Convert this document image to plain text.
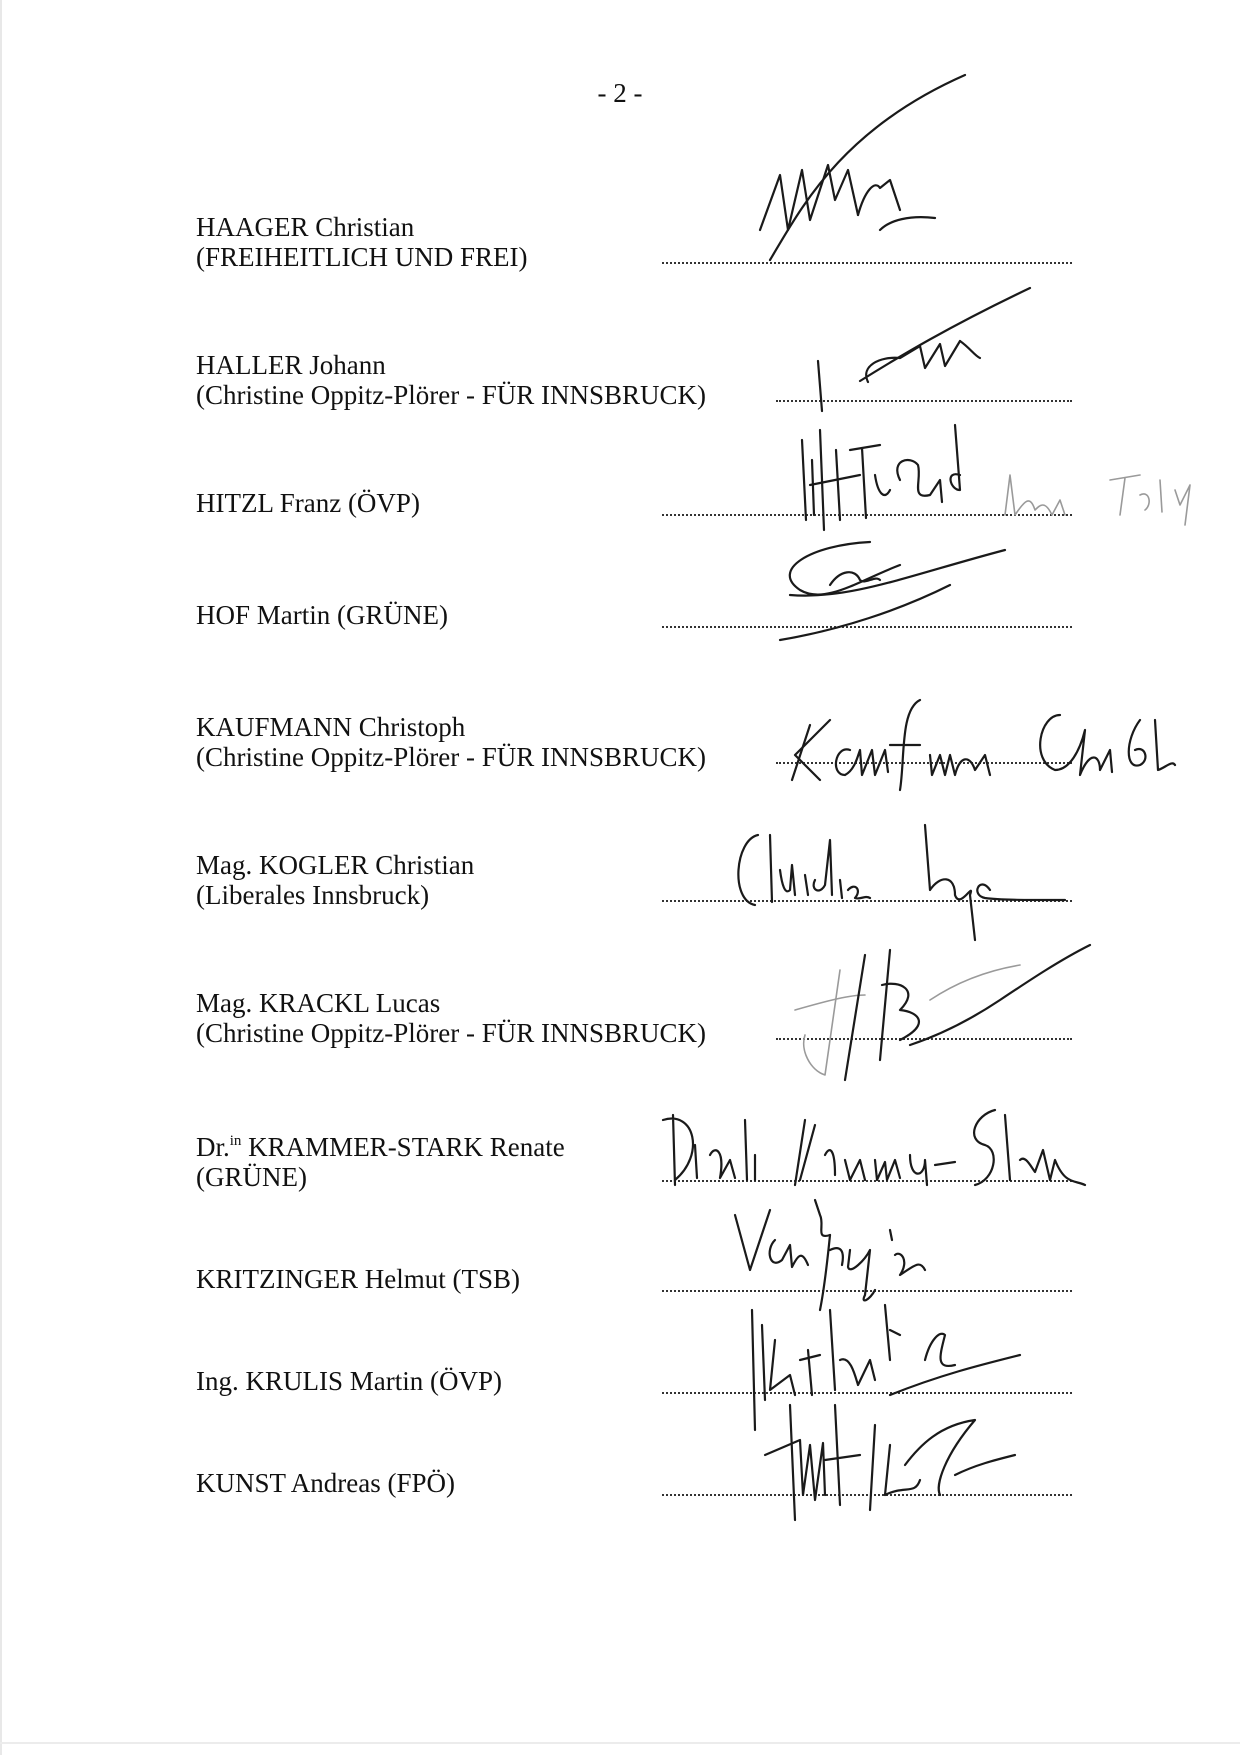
- 2 -
HAAGER Christian
(FREIHEITLICH UND FREI)
HALLER Johann
(Christine Oppitz-Plörer - FÜR INNSBRUCK)
HITZL Franz (ÖVP)
HOF Martin (GRÜNE)
KAUFMANN Christoph
(Christine Oppitz-Plörer - FÜR INNSBRUCK)
Mag. KOGLER Christian
(Liberales Innsbruck)
Mag. KRACKL Lucas
(Christine Oppitz-Plörer - FÜR INNSBRUCK)
Dr.$^{in}$ KRAMMER-STARK Renate
(GRÜNE)
KRITZINGER Helmut (TSB)
Ing. KRULIS Martin (ÖVP)
KUNST Andreas (FPÖ)
